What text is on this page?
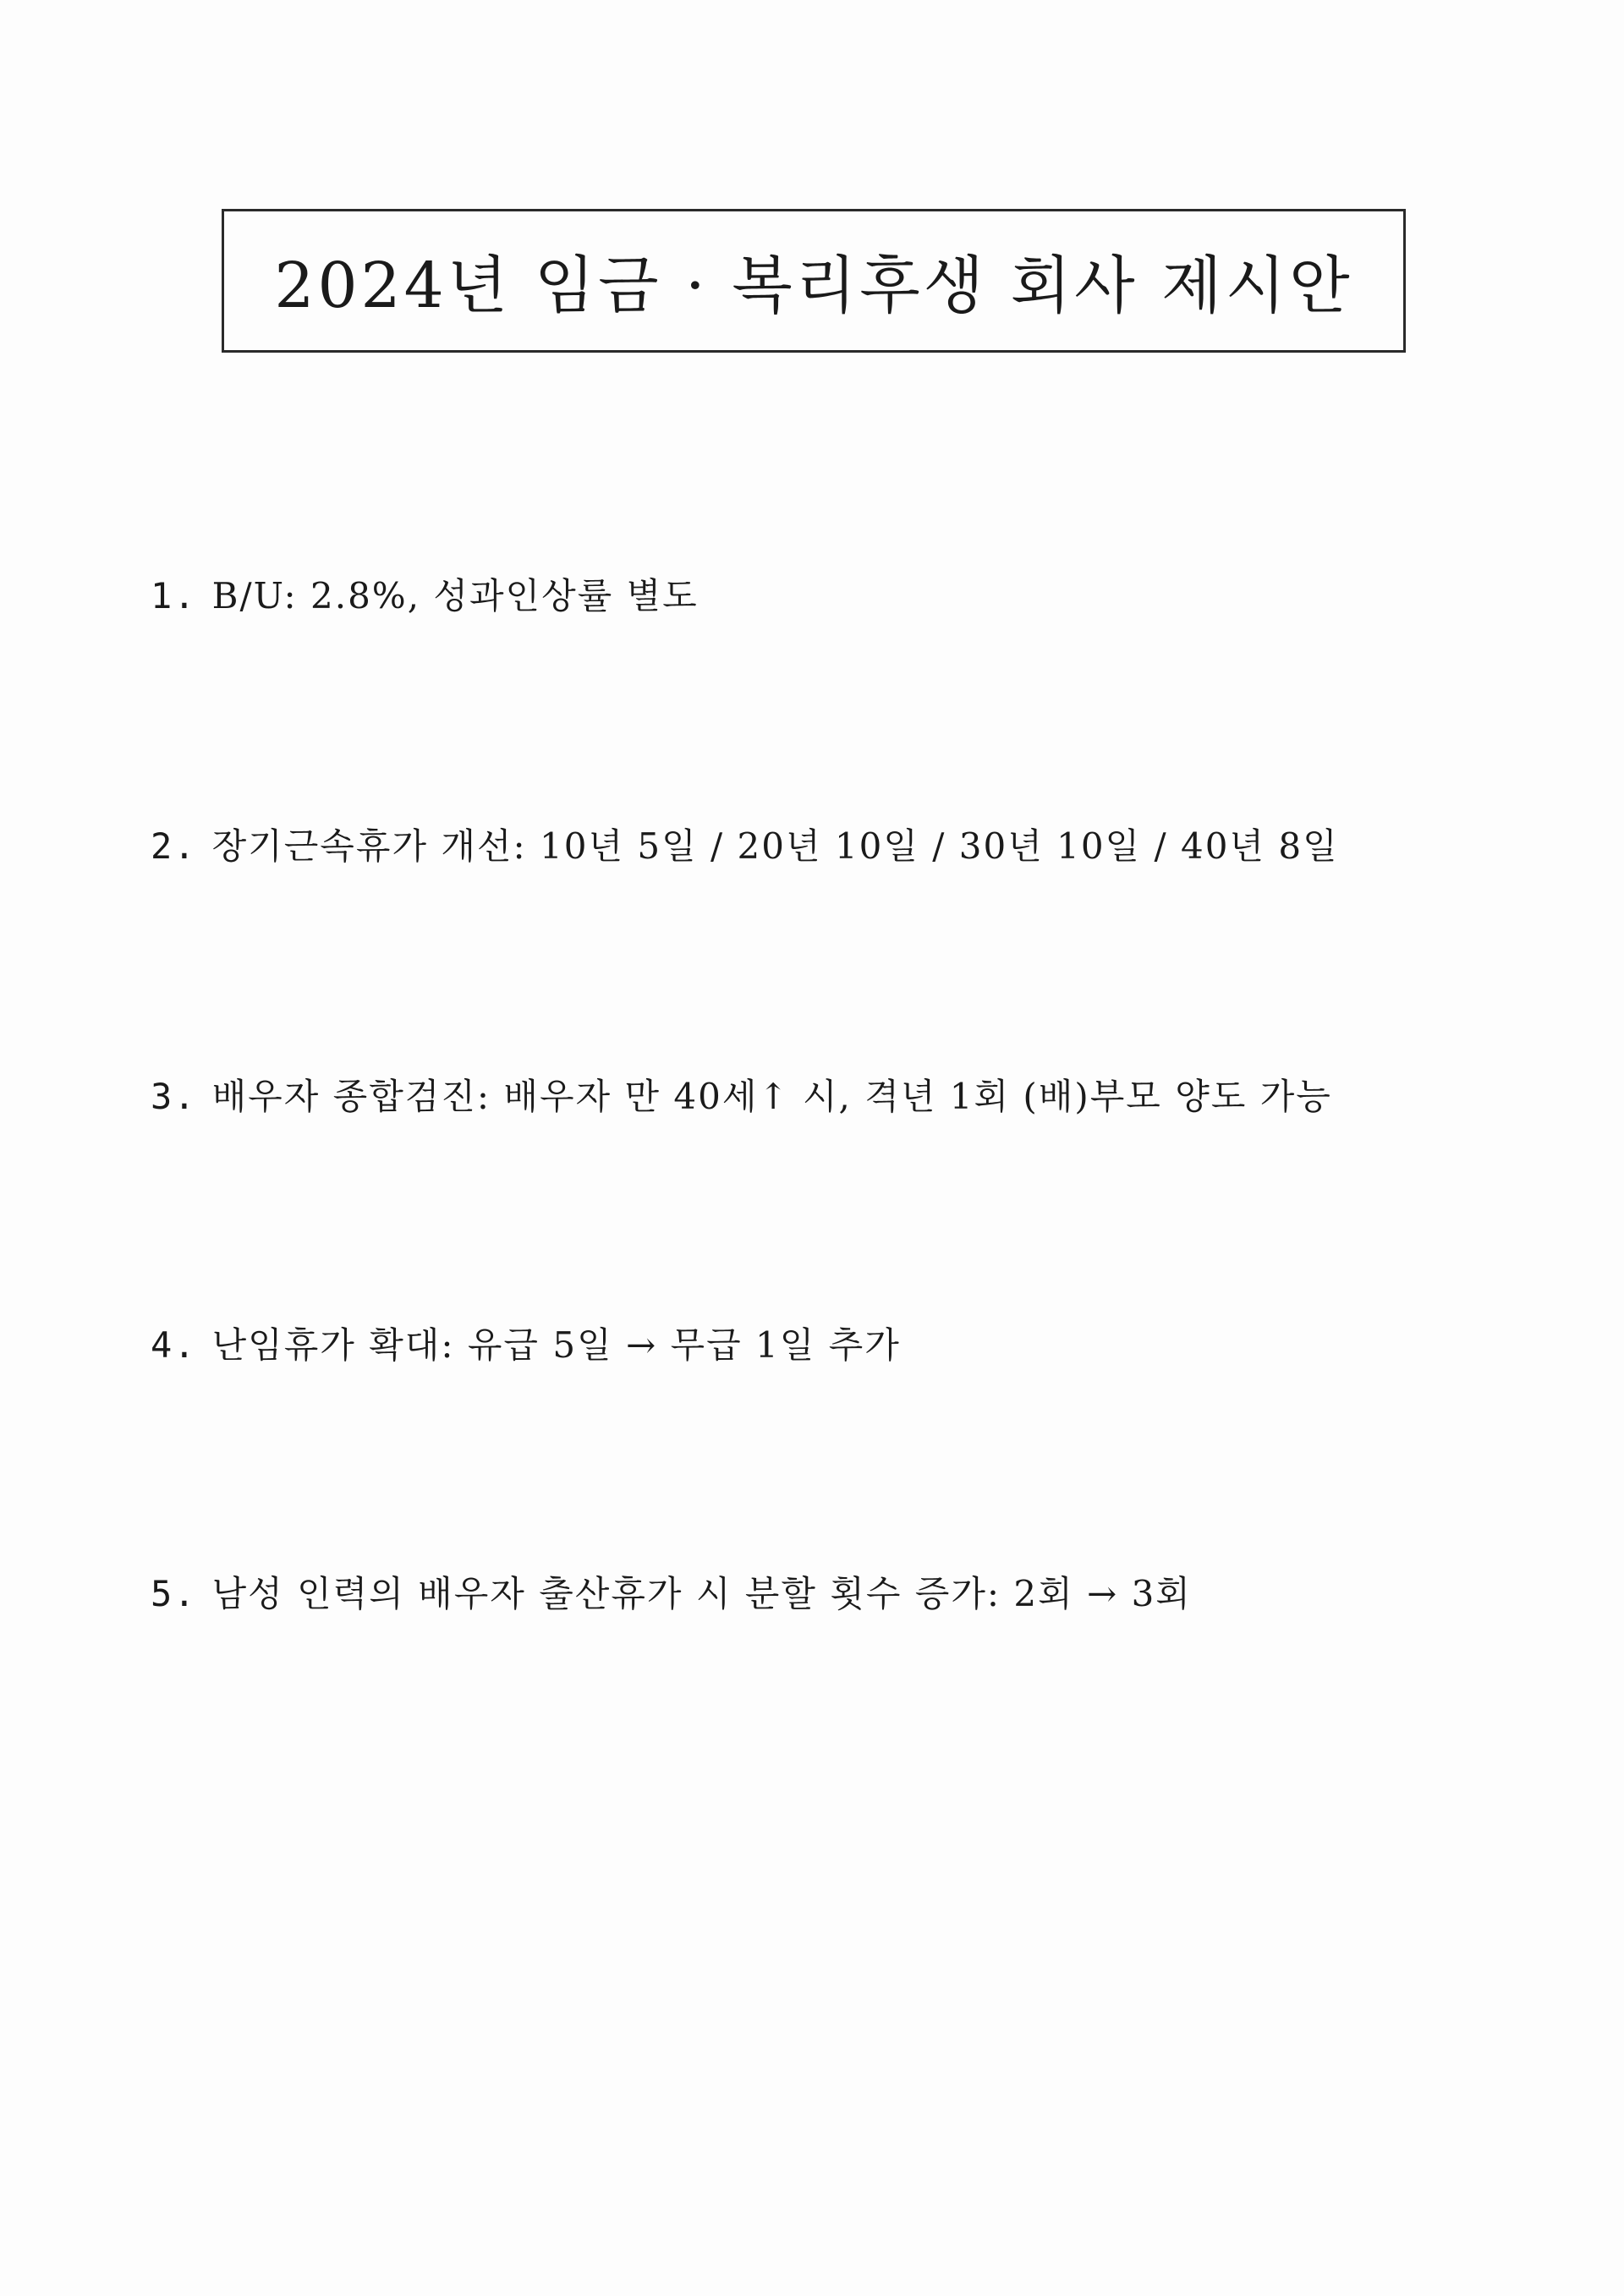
2024년 임금 · 복리후생 회사 제시안
1. B/U: 2.8%, 성과인상률 별도
2. 장기근속휴가 개선: 10년 5일 / 20년 10일 / 30년 10일 / 40년 8일
3. 배우자 종합검진: 배우자 만 40세↑ 시, 격년 1회 (배)부모 양도 가능
4. 난임휴가 확대: 유급 5일 → 무급 1일 추가
5. 남성 인력의 배우자 출산휴가 시 분할 횟수 증가: 2회 → 3회
